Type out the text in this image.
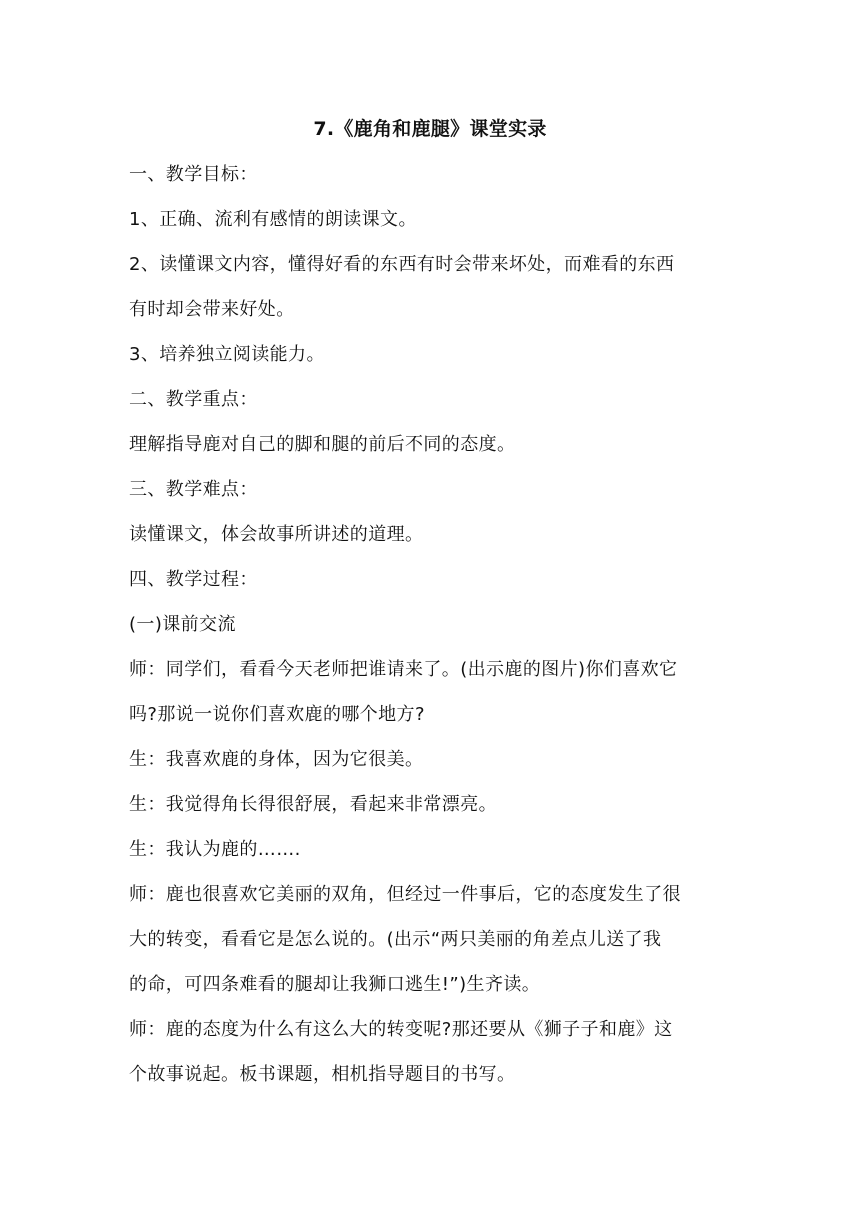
7.《鹿角和鹿腿》课堂实录
一、教学目标：
1、正确、流利有感情的朗读课文。
2、读懂课文内容，懂得好看的东西有时会带来坏处，而难看的东西
有时却会带来好处。
3、培养独立阅读能力。
二、教学重点：
理解指导鹿对自己的脚和腿的前后不同的态度。
三、教学难点：
读懂课文，体会故事所讲述的道理。
四、教学过程：
(一)课前交流
师：同学们，看看今天老师把谁请来了。(出示鹿的图片)你们喜欢它
吗?那说一说你们喜欢鹿的哪个地方?
生：我喜欢鹿的身体，因为它很美。
生：我觉得角长得很舒展，看起来非常漂亮。
生：我认为鹿的…….
师：鹿也很喜欢它美丽的双角，但经过一件事后，它的态度发生了很
大的转变，看看它是怎么说的。(出示“两只美丽的角差点儿送了我
的命，可四条难看的腿却让我狮口逃生!”)生齐读。
师：鹿的态度为什么有这么大的转变呢?那还要从《狮子子和鹿》这
个故事说起。板书课题，相机指导题目的书写。
